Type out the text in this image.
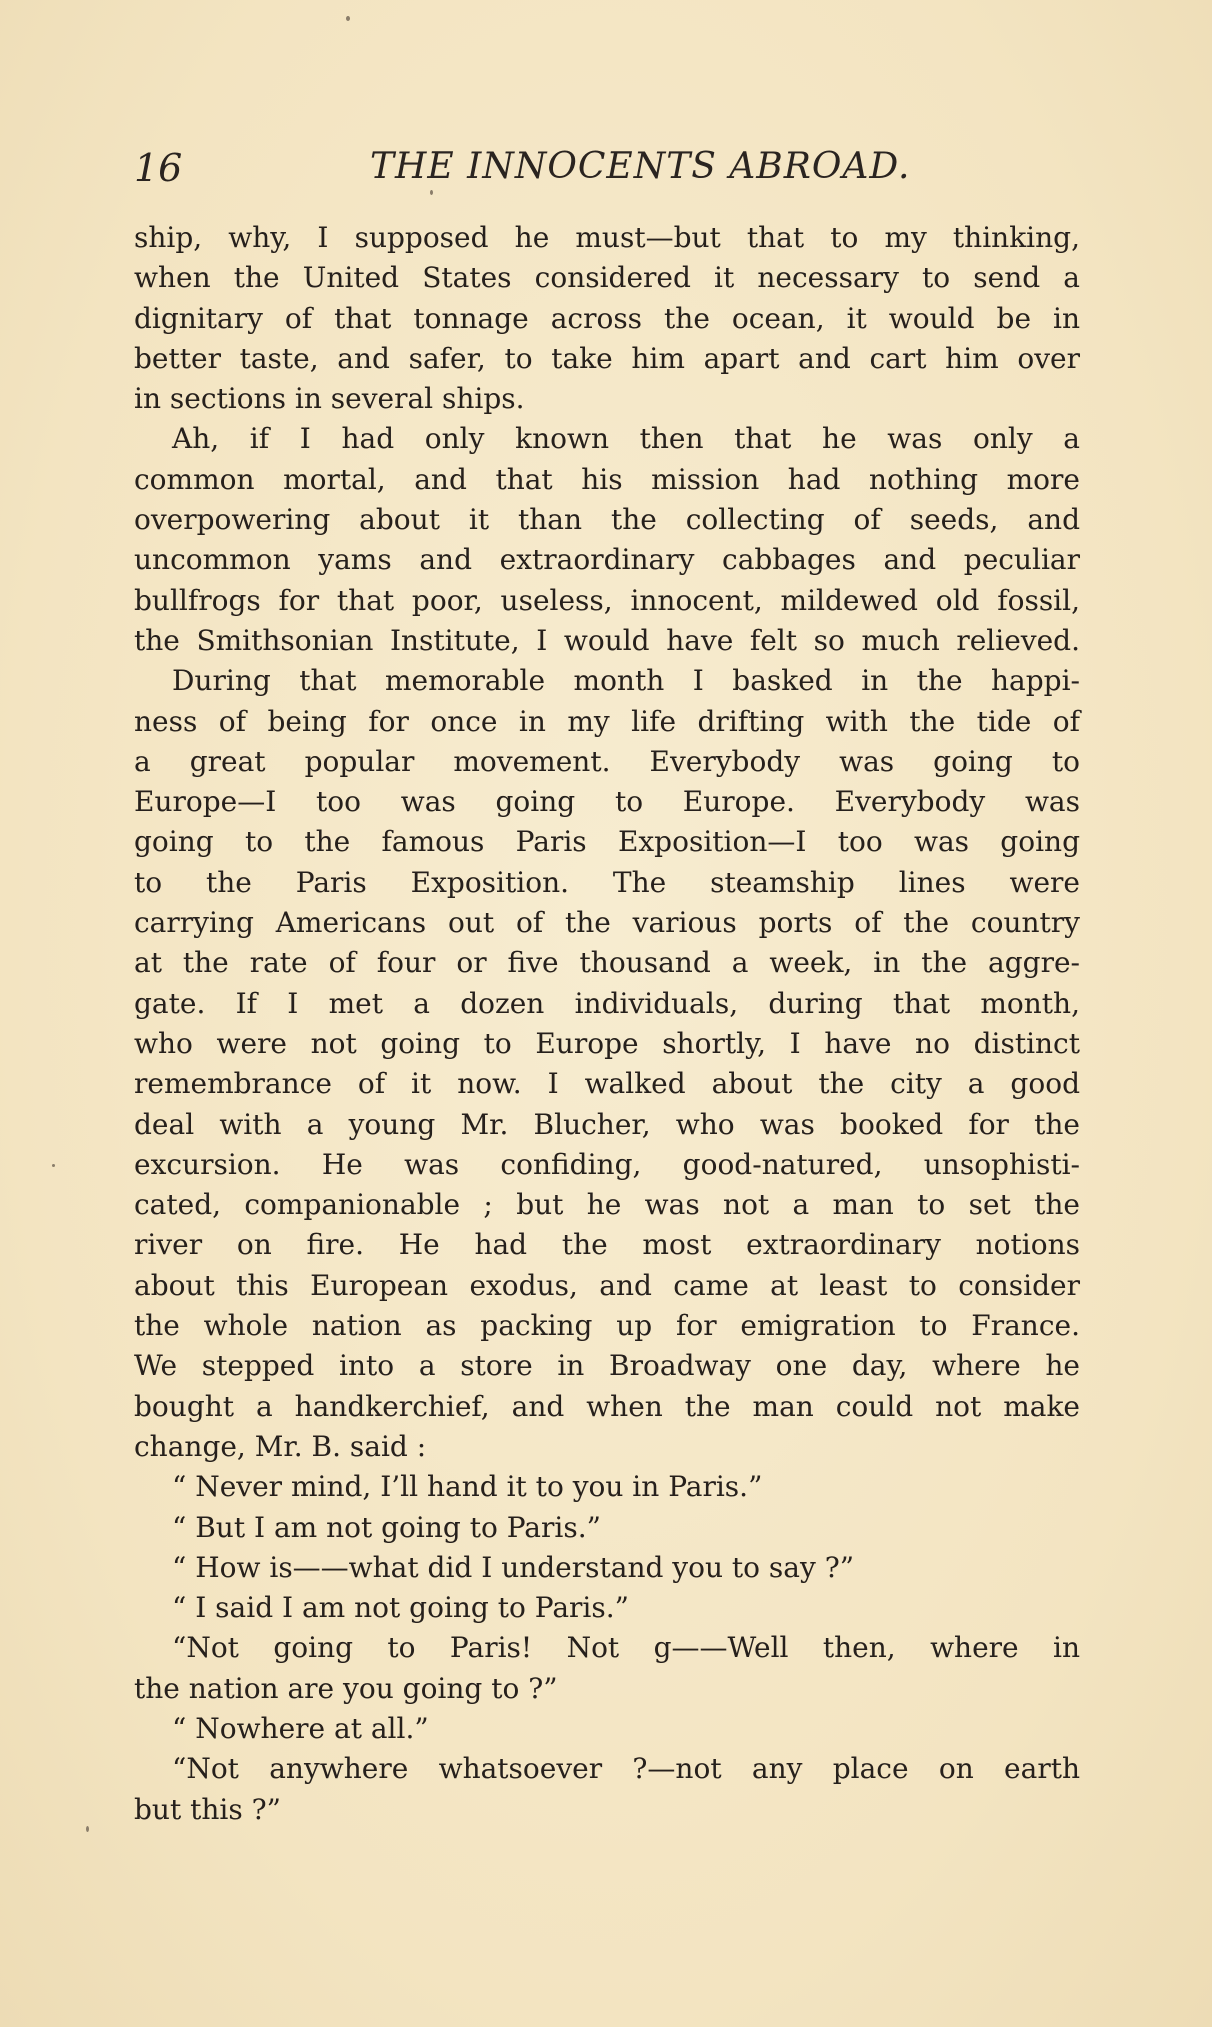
16	THE INNOCENTS ABROAD.
ship, why, I supposed he must—but that to my thinking,
when the United States considered it necessary to send a
dignitary of that tonnage across the ocean, it would be in
better taste, and safer, to take him apart and cart him over
in sections in several ships.
Ah, if I had only known then that he was only a
common mortal, and that his mission had nothing more
overpowering about it than the collecting of seeds, and
uncommon yams and extraordinary cabbages and peculiar
bullfrogs for that poor, useless, innocent, mildewed old fossil,
the Smithsonian Institute, I would have felt so much relieved.
During that memorable month I basked in the happi-
ness of being for once in my life drifting with the tide of
a great popular movement. Everybody was going to
Europe—I too was going to Europe. Everybody was
going to the famous Paris Exposition—I too was going
to the Paris Exposition. The steamship lines were
carrying Americans out of the various ports of the country
at the rate of four or five thousand a week, in the aggre-
gate. If I met a dozen individuals, during that month,
who were not going to Europe shortly, I have no distinct
remembrance of it now. I walked about the city a good
deal with a young Mr. Blucher, who was booked for the
excursion. He was confiding, good-natured, unsophisti-
cated, companionable ; but he was not a man to set the
river on fire. He had the most extraordinary notions
about this European exodus, and came at least to consider
the whole nation as packing up for emigration to France.
We stepped into a store in Broadway one day, where he
bought a handkerchief, and when the man could not make
change, Mr. B. said :
“ Never mind, I’ll hand it to you in Paris.”
“ But I am not going to Paris.”
“ How is——what did I understand you to say ?”
“ I said I am not going to Paris.”
“Not going to Paris! Not g——Well then, where in
the nation are you going to ?”
“ Nowhere at all.”
“Not anywhere whatsoever ?—not any place on earth
but this ?”
